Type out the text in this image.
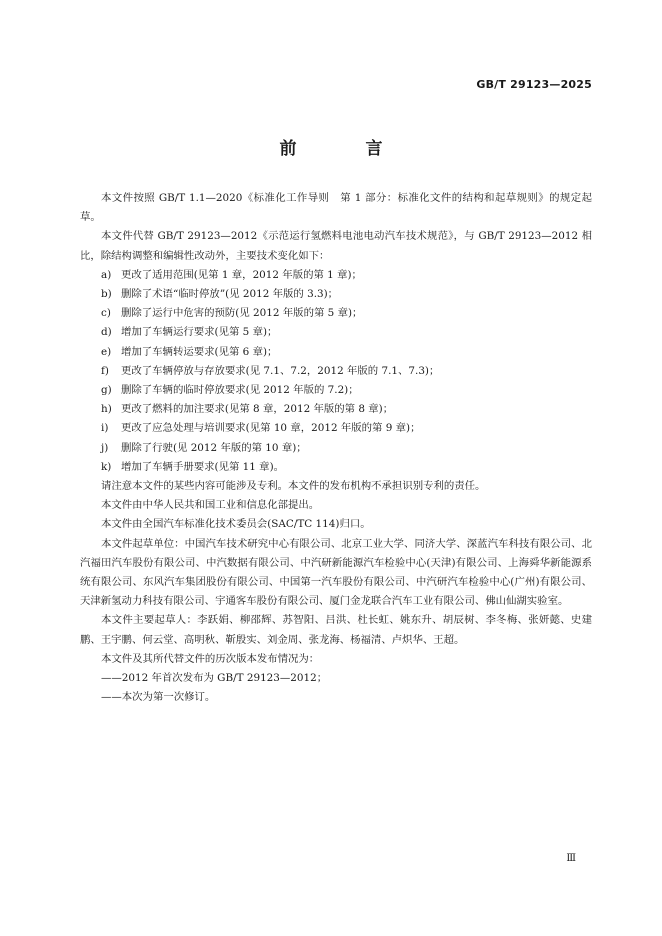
GB/T 29123—2025
前　言

本文件按照 GB/T 1.1—2020《标准化工作导则　第 1 部分：标准化文件的结构和起草规则》的规定起草。

本文件代替 GB/T 29123—2012《示范运行氢燃料电池电动汽车技术规范》，与 GB/T 29123—2012 相比，除结构调整和编辑性改动外，主要技术变化如下：

a) 更改了适用范围(见第 1 章，2012 年版的第 1 章)；

b) 删除了术语“临时停放”(见 2012 年版的 3.3)；

c) 删除了运行中危害的预防(见 2012 年版的第 5 章)；

d) 增加了车辆运行要求(见第 5 章)；

e) 增加了车辆转运要求(见第 6 章)；

f) 更改了车辆停放与存放要求(见 7.1、7.2，2012 年版的 7.1、7.3)；

g) 删除了车辆的临时停放要求(见 2012 年版的 7.2)；

h) 更改了燃料的加注要求(见第 8 章，2012 年版的第 8 章)；

i) 更改了应急处理与培训要求(见第 10 章，2012 年版的第 9 章)；

j) 删除了行驶(见 2012 年版的第 10 章)；

k) 增加了车辆手册要求(见第 11 章)。

请注意本文件的某些内容可能涉及专利。本文件的发布机构不承担识别专利的责任。

本文件由中华人民共和国工业和信息化部提出。

本文件由全国汽车标准化技术委员会(SAC/TC 114)归口。

本文件起草单位：中国汽车技术研究中心有限公司、北京工业大学、同济大学、深蓝汽车科技有限公司、北汽福田汽车股份有限公司、中汽数据有限公司、中汽研新能源汽车检验中心(天津)有限公司、上海舜华新能源系统有限公司、东风汽车集团股份有限公司、中国第一汽车股份有限公司、中汽研汽车检验中心(广州)有限公司、天津新氢动力科技有限公司、宇通客车股份有限公司、厦门金龙联合汽车工业有限公司、佛山仙湖实验室。

本文件主要起草人：李跃娟、柳邵辉、苏智阳、吕洪、杜长虹、姚东升、胡辰树、李冬梅、张妍懿、史建鹏、王宇鹏、何云堂、高明秋、靳殷实、刘金周、张龙海、杨福清、卢炽华、王超。

本文件及其所代替文件的历次版本发布情况为：

——2012 年首次发布为 GB/T 29123—2012；

——本次为第一次修订。

Ⅲ
